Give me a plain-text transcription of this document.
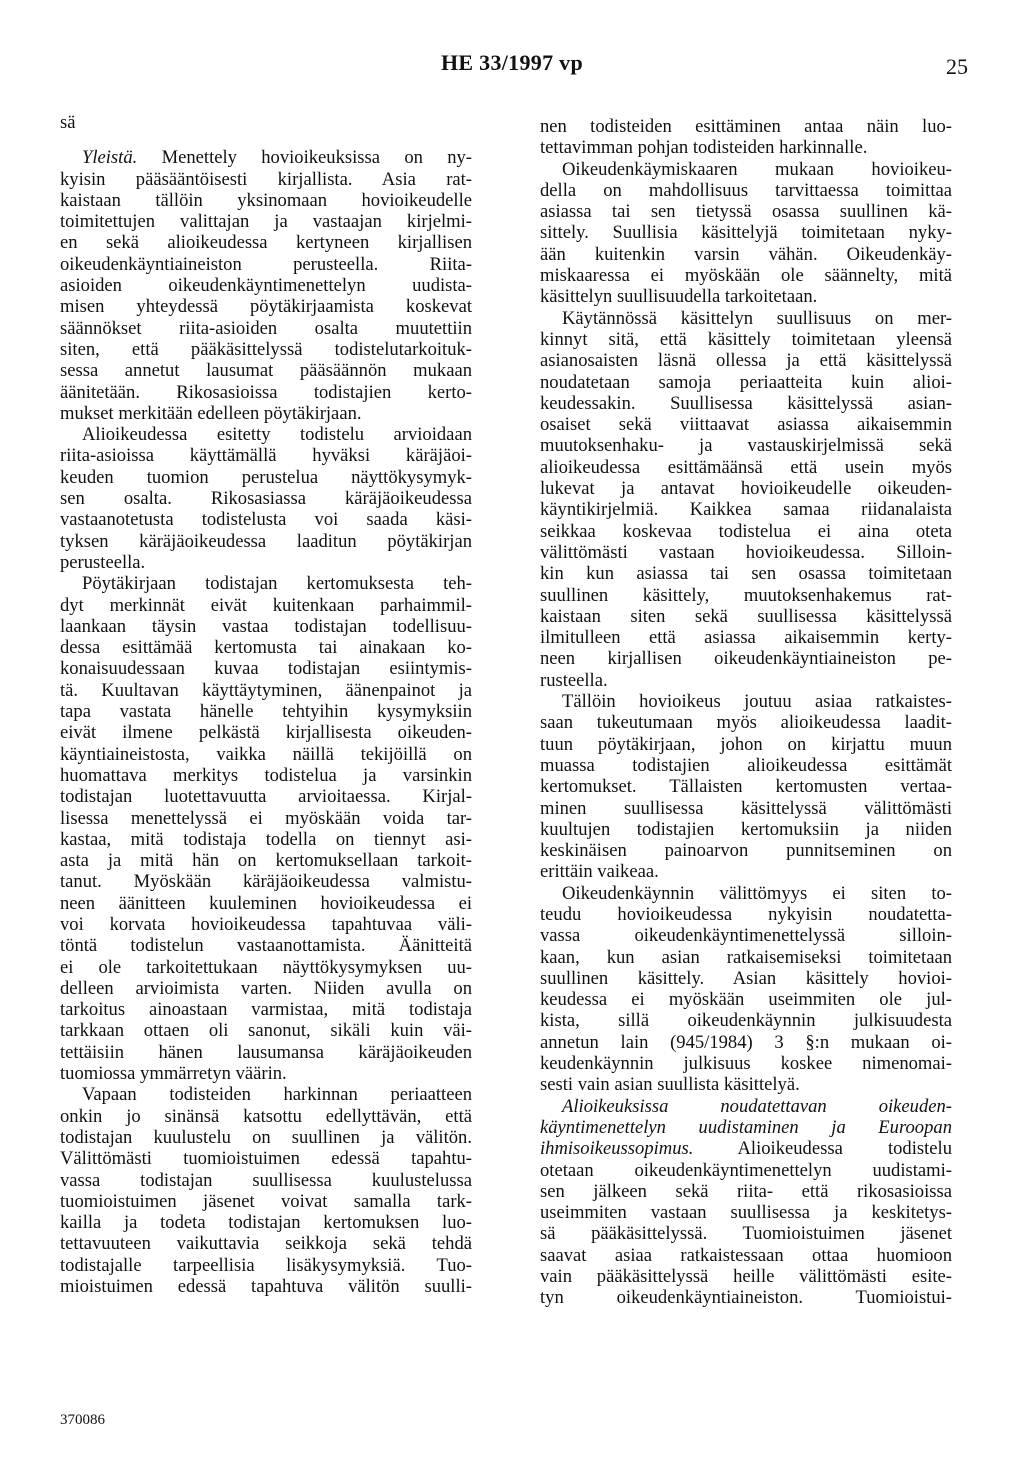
HE 33/1997 vp	25
sä
Yleistä. Menettely hovioikeuksissa on ny-
kyisin pääsääntöisesti kirjallista. Asia rat-
kaistaan tällöin yksinomaan hovioikeudelle
toimitettujen valittajan ja vastaajan kirjelmi-
en sekä alioikeudessa kertyneen kirjallisen
oikeudenkäyntiaineiston perusteella. Riita-
asioiden oikeudenkäyntimenettelyn uudista-
misen yhteydessä pöytäkirjaamista koskevat
säännökset riita-asioiden osalta muutettiin
siten, että pääkäsittelyssä todistelutarkoituk-
sessa annetut lausumat pääsäännön mukaan
äänitetään. Rikosasioissa todistajien kerto-
mukset merkitään edelleen pöytäkirjaan.
Alioikeudessa esitetty todistelu arvioidaan
riita-asioissa käyttämällä hyväksi käräjäoi-
keuden tuomion perustelua näyttökysymyk-
sen osalta. Rikosasiassa käräjäoikeudessa
vastaanotetusta todistelusta voi saada käsi-
tyksen käräjäoikeudessa laaditun pöytäkirjan
perusteella.
Pöytäkirjaan todistajan kertomuksesta teh-
dyt merkinnät eivät kuitenkaan parhaimmil-
laankaan täysin vastaa todistajan todellisuu-
dessa esittämää kertomusta tai ainakaan ko-
konaisuudessaan kuvaa todistajan esiintymis-
tä. Kuultavan käyttäytyminen, äänenpainot ja
tapa vastata hänelle tehtyihin kysymyksiin
eivät ilmene pelkästä kirjallisesta oikeuden-
käyntiaineistosta, vaikka näillä tekijöillä on
huomattava merkitys todistelua ja varsinkin
todistajan luotettavuutta arvioitaessa. Kirjal-
lisessa menettelyssä ei myöskään voida tar-
kastaa, mitä todistaja todella on tiennyt asi-
asta ja mitä hän on kertomuksellaan tarkoit-
tanut. Myöskään käräjäoikeudessa valmistu-
neen äänitteen kuuleminen hovioikeudessa ei
voi korvata hovioikeudessa tapahtuvaa väli-
töntä todistelun vastaanottamista. Äänitteitä
ei ole tarkoitettukaan näyttökysymyksen uu-
delleen arvioimista varten. Niiden avulla on
tarkoitus ainoastaan varmistaa, mitä todistaja
tarkkaan ottaen oli sanonut, sikäli kuin väi-
tettäisiin hänen lausumansa käräjäoikeuden
tuomiossa ymmärretyn väärin.
Vapaan todisteiden harkinnan periaatteen
onkin jo sinänsä katsottu edellyttävän, että
todistajan kuulustelu on suullinen ja välitön.
Välittömästi tuomioistuimen edessä tapahtu-
vassa todistajan suullisessa kuulustelussa
tuomioistuimen jäsenet voivat samalla tark-
kailla ja todeta todistajan kertomuksen luo-
tettavuuteen vaikuttavia seikkoja sekä tehdä
todistajalle tarpeellisia lisäkysymyksiä. Tuo-
mioistuimen edessä tapahtuva välitön suulli-
nen todisteiden esittäminen antaa näin luo-
tettavimman pohjan todisteiden harkinnalle.
Oikeudenkäymiskaaren mukaan hovioikeu-
della on mahdollisuus tarvittaessa toimittaa
asiassa tai sen tietyssä osassa suullinen kä-
sittely. Suullisia käsittelyjä toimitetaan nyky-
ään kuitenkin varsin vähän. Oikeudenkäy-
miskaaressa ei myöskään ole säännelty, mitä
käsittelyn suullisuudella tarkoitetaan.
Käytännössä käsittelyn suullisuus on mer-
kinnyt sitä, että käsittely toimitetaan yleensä
asianosaisten läsnä ollessa ja että käsittelyssä
noudatetaan samoja periaatteita kuin alioi-
keudessakin. Suullisessa käsittelyssä asian-
osaiset sekä viittaavat asiassa aikaisemmin
muutoksenhaku- ja vastauskirjelmissä sekä
alioikeudessa esittämäänsä että usein myös
lukevat ja antavat hovioikeudelle oikeuden-
käyntikirjelmiä. Kaikkea samaa riidanalaista
seikkaa koskevaa todistelua ei aina oteta
välittömästi vastaan hovioikeudessa. Silloin-
kin kun asiassa tai sen osassa toimitetaan
suullinen käsittely, muutoksenhakemus rat-
kaistaan siten sekä suullisessa käsittelyssä
ilmitulleen että asiassa aikaisemmin kerty-
neen kirjallisen oikeudenkäyntiaineiston pe-
rusteella.
Tällöin hovioikeus joutuu asiaa ratkaistes-
saan tukeutumaan myös alioikeudessa laadit-
tuun pöytäkirjaan, johon on kirjattu muun
muassa todistajien alioikeudessa esittämät
kertomukset. Tällaisten kertomusten vertaa-
minen suullisessa käsittelyssä välittömästi
kuultujen todistajien kertomuksiin ja niiden
keskinäisen painoarvon punnitseminen on
erittäin vaikeaa.
Oikeudenkäynnin välittömyys ei siten to-
teudu hovioikeudessa nykyisin noudatetta-
vassa oikeudenkäyntimenettelyssä silloin-
kaan, kun asian ratkaisemiseksi toimitetaan
suullinen käsittely. Asian käsittely hovioi-
keudessa ei myöskään useimmiten ole jul-
kista, sillä oikeudenkäynnin julkisuudesta
annetun lain (945/1984) 3 §:n mukaan oi-
keudenkäynnin julkisuus koskee nimenomai-
sesti vain asian suullista käsittelyä.
Alioikeuksissa noudatettavan oikeuden-
käyntimenettelyn uudistaminen ja Euroopan
ihmisoikeussopimus. Alioikeudessa todistelu
otetaan oikeudenkäyntimenettelyn uudistami-
sen jälkeen sekä riita- että rikosasioissa
useimmiten vastaan suullisessa ja keskitetys-
sä pääkäsittelyssä. Tuomioistuimen jäsenet
saavat asiaa ratkaistessaan ottaa huomioon
vain pääkäsittelyssä heille välittömästi esite-
tyn oikeudenkäyntiaineiston. Tuomioistui-
370086
